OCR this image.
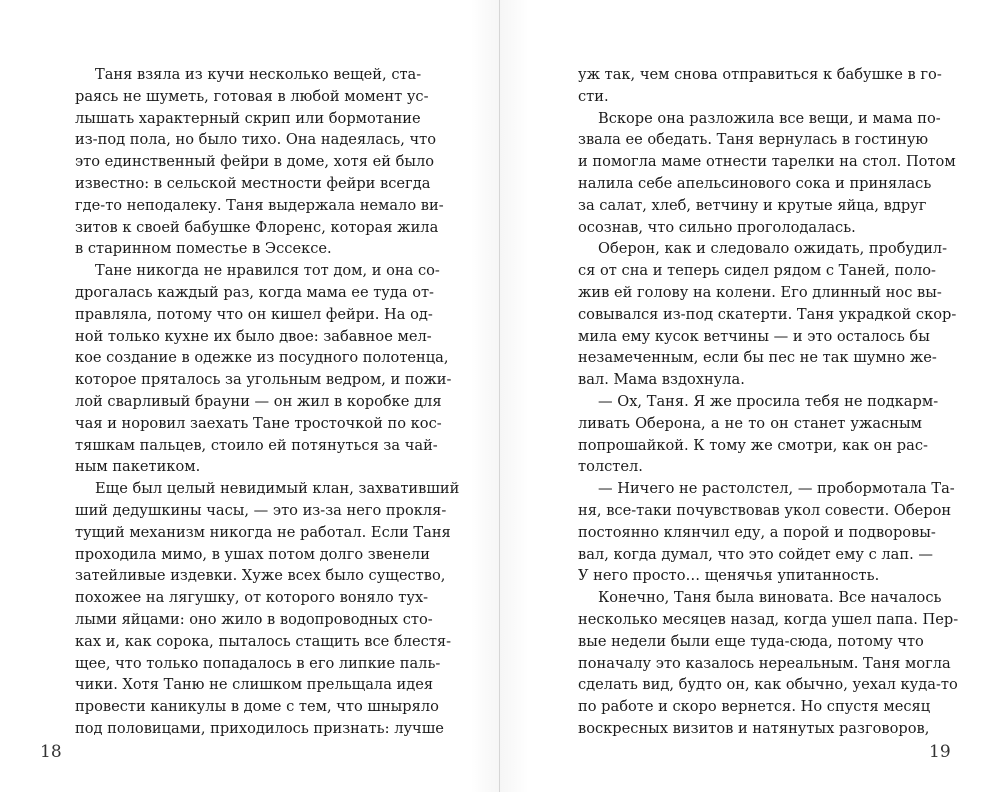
Таня взяла из кучи несколько вещей, ста-
раясь не шуметь, готовая в любой момент ус-
лышать характерный скрип или бормотание
из-под пола, но было тихо. Она надеялась, что
это единственный фейри в доме, хотя ей было
известно: в сельской местности фейри всегда
где-то неподалеку. Таня выдержала немало ви-
зитов к своей бабушке Флоренс, которая жила
в старинном поместье в Эссексе.
Тане никогда не нравился тот дом, и она со-
дрогалась каждый раз, когда мама ее туда от-
правляла, потому что он кишел фейри. На од-
ной только кухне их было двое: забавное мел-
кое создание в одежке из посудного полотенца,
которое пряталось за угольным ведром, и пожи-
лой сварливый брауни — он жил в коробке для
чая и норовил заехать Тане тросточкой по кос-
тяшкам пальцев, стоило ей потянуться за чай-
ным пакетиком.
Еще был целый невидимый клан, захвативший
ший дедушкины часы, — это из-за него прокля-
тущий механизм никогда не работал. Если Таня
проходила мимо, в ушах потом долго звенели
затейливые издевки. Хуже всех было существо,
похожее на лягушку, от которого воняло тух-
лыми яйцами: оно жило в водопроводных сто-
ках и, как сорока, пыталось стащить все блестя-
щее, что только попадалось в его липкие паль-
чики. Хотя Таню не слишком прельщала идея
провести каникулы в доме с тем, что шныряло
под половицами, приходилось признать: лучше
уж так, чем снова отправиться к бабушке в го-
сти.
Вскоре она разложила все вещи, и мама по-
звала ее обедать. Таня вернулась в гостиную
и помогла маме отнести тарелки на стол. Потом
налила себе апельсинового сока и принялась
за салат, хлеб, ветчину и крутые яйца, вдруг
осознав, что сильно проголодалась.
Оберон, как и следовало ожидать, пробудил-
ся от сна и теперь сидел рядом с Таней, поло-
жив ей голову на колени. Его длинный нос вы-
совывался из-под скатерти. Таня украдкой скор-
мила ему кусок ветчины — и это осталось бы
незамеченным, если бы пес не так шумно же-
вал. Мама вздохнула.
— Ох, Таня. Я же просила тебя не подкарм-
ливать Оберона, а не то он станет ужасным
попрошайкой. К тому же смотри, как он рас-
толстел.
— Ничего не растолстел, — пробормотала Та-
ня, все-таки почувствовав укол совести. Оберон
постоянно клянчил еду, а порой и подворовы-
вал, когда думал, что это сойдет ему с лап. —
У него просто… щенячья упитанность.
Конечно, Таня была виновата. Все началось
несколько месяцев назад, когда ушел папа. Пер-
вые недели были еще туда-сюда, потому что
поначалу это казалось нереальным. Таня могла
сделать вид, будто он, как обычно, уехал куда-то
по работе и скоро вернется. Но спустя месяц
воскресных визитов и натянутых разговоров,
18	19
